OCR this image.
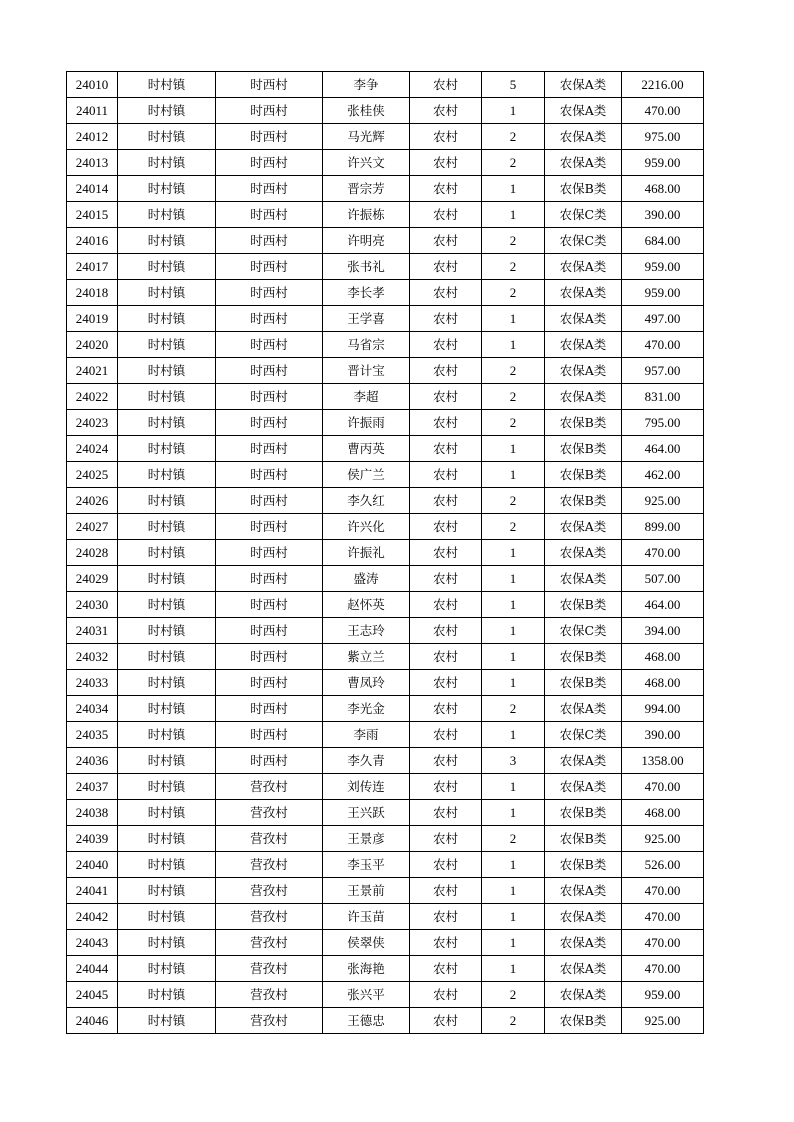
24010	时村镇	时西村	李争	农村	5	农保A类	2216.00
24011	时村镇	时西村	张桂侠	农村	1	农保A类	470.00
24012	时村镇	时西村	马光辉	农村	2	农保A类	975.00
24013	时村镇	时西村	许兴文	农村	2	农保A类	959.00
24014	时村镇	时西村	晋宗芳	农村	1	农保B类	468.00
24015	时村镇	时西村	许振栋	农村	1	农保C类	390.00
24016	时村镇	时西村	许明亮	农村	2	农保C类	684.00
24017	时村镇	时西村	张书礼	农村	2	农保A类	959.00
24018	时村镇	时西村	李长孝	农村	2	农保A类	959.00
24019	时村镇	时西村	王学喜	农村	1	农保A类	497.00
24020	时村镇	时西村	马省宗	农村	1	农保A类	470.00
24021	时村镇	时西村	晋计宝	农村	2	农保A类	957.00
24022	时村镇	时西村	李超	农村	2	农保A类	831.00
24023	时村镇	时西村	许振雨	农村	2	农保B类	795.00
24024	时村镇	时西村	曹丙英	农村	1	农保B类	464.00
24025	时村镇	时西村	侯广兰	农村	1	农保B类	462.00
24026	时村镇	时西村	李久红	农村	2	农保B类	925.00
24027	时村镇	时西村	许兴化	农村	2	农保A类	899.00
24028	时村镇	时西村	许振礼	农村	1	农保A类	470.00
24029	时村镇	时西村	盛涛	农村	1	农保A类	507.00
24030	时村镇	时西村	赵怀英	农村	1	农保B类	464.00
24031	时村镇	时西村	王志玲	农村	1	农保C类	394.00
24032	时村镇	时西村	紫立兰	农村	1	农保B类	468.00
24033	时村镇	时西村	曹凤玲	农村	1	农保B类	468.00
24034	时村镇	时西村	李光金	农村	2	农保A类	994.00
24035	时村镇	时西村	李雨	农村	1	农保C类	390.00
24036	时村镇	时西村	李久青	农村	3	农保A类	1358.00
24037	时村镇	营孜村	刘传连	农村	1	农保A类	470.00
24038	时村镇	营孜村	王兴跃	农村	1	农保B类	468.00
24039	时村镇	营孜村	王景彦	农村	2	农保B类	925.00
24040	时村镇	营孜村	李玉平	农村	1	农保B类	526.00
24041	时村镇	营孜村	王景前	农村	1	农保A类	470.00
24042	时村镇	营孜村	许玉苗	农村	1	农保A类	470.00
24043	时村镇	营孜村	侯翠侠	农村	1	农保A类	470.00
24044	时村镇	营孜村	张海艳	农村	1	农保A类	470.00
24045	时村镇	营孜村	张兴平	农村	2	农保A类	959.00
24046	时村镇	营孜村	王德忠	农村	2	农保B类	925.00
